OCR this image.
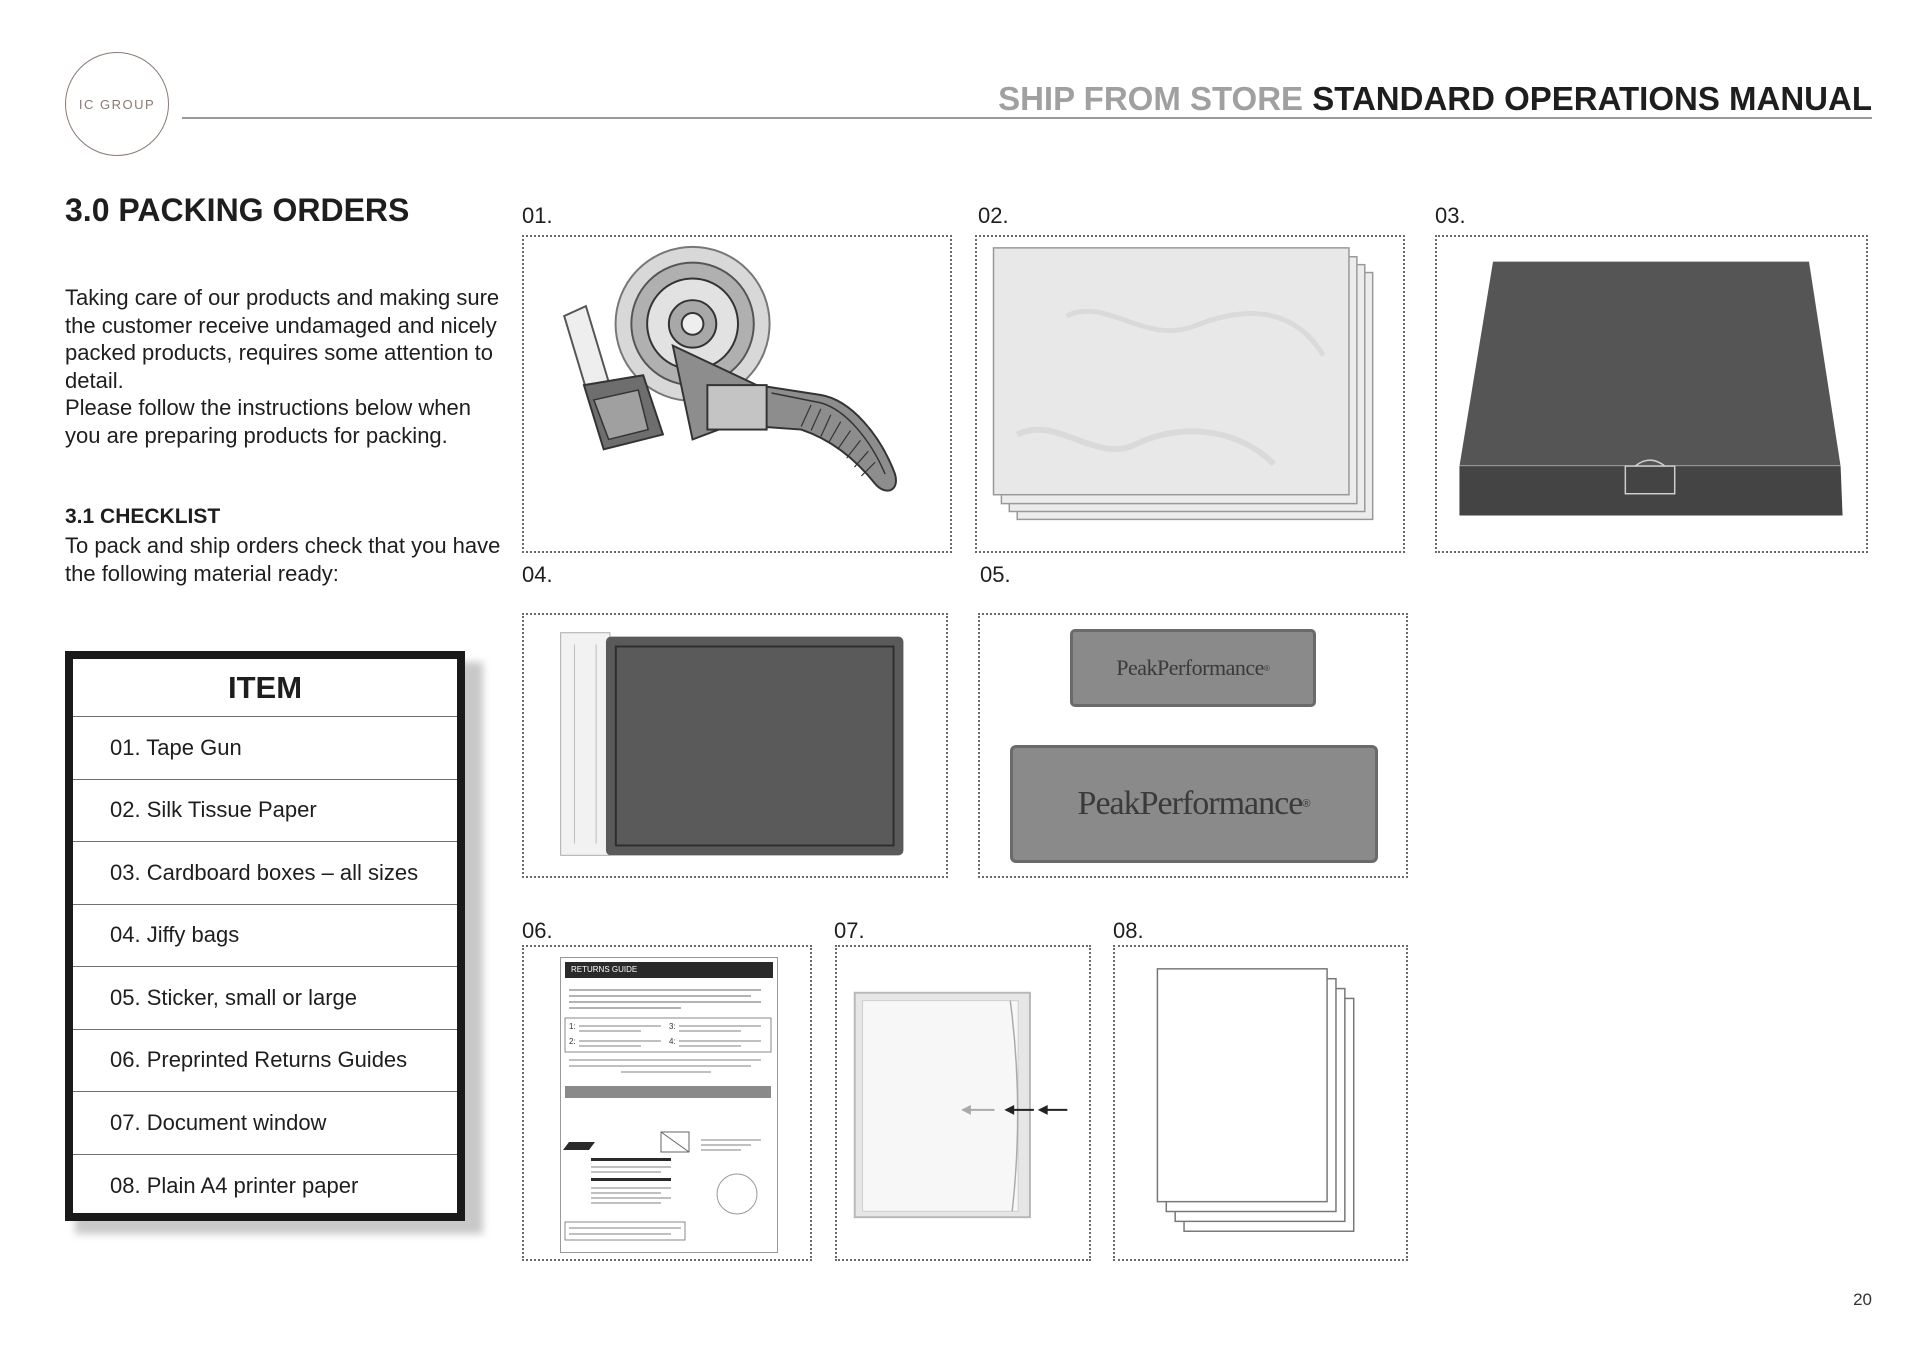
IC GROUP	SHIP FROM STORE STANDARD OPERATIONS MANUAL
3.0 PACKING ORDERS

Taking care of our products and making sure the customer receive undamaged and nicely packed products, requires some attention to detail.

Please follow the instructions below when you are preparing products for packing.

3.1 CHECKLIST
To pack and ship orders check that you have the following material ready:
ITEM
01. Tape Gun
02. Silk Tissue Paper
03. Cardboard boxes – all sizes
04. Jiffy bags
05. Sticker, small or large
06. Preprinted Returns Guides
07. Document window
08. Plain A4 printer paper
01.	02.	03.
04.	05.
06.	07.	08.
PeakPerformance ®
PeakPerformance ®
RETURNS GUIDE
1:
2:
3:
4:
20
